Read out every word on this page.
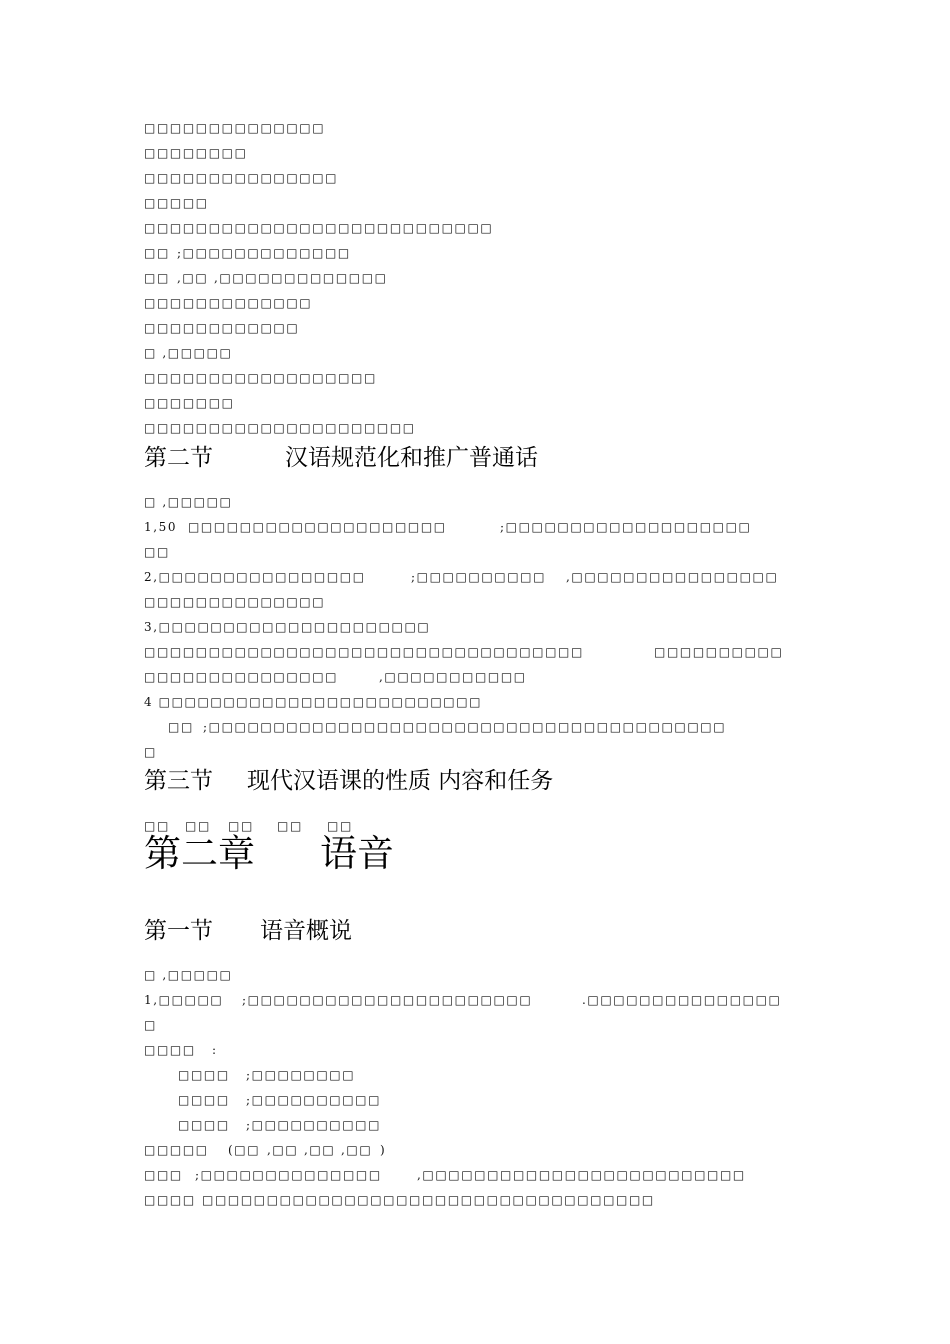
□□□□□□□□□□□□□□
□□□□□□□□
□□□□□□□□□□□□□□□
□□□□□
□□□□□□□□□□□□□□□□□□□□□□□□□□□

□□

;□□□□□□□□□□□□□

□□

,□□

,□□□□□□□□□□□□□

□□□□□□□□□□□□□
□□□□□□□□□□□□
□ ,□□□□□
□□□□□□□□□□□□□□□□□□
□□□□□□□
□□□□□□□□□□□□□□□□□□□□□

第二节

	汉语规范化和推广普通话

□ ,□□□□□

1,50  □□□□□□□□□□□□□□□□□□□□

	;□□□□□□□□□□□□□□□□□□□

□□

2,□□□□□□□□□□□□□□□□

	;□□□□□□□□□□

,□□□□□□□□□□□□□□□□

□□□□□□□□□□□□□□
3,□□□□□□□□□□□□□□□□□□□□□

□□□□□□□□□□□□□□□□□□□□□□□□□□□□□□□□□□

	□□□□□□□□□□

□□□□□□□□□□□□□□□

	,□□□□□□□□□□□

4 □□□□□□□□□□□□□□□□□□□□□□□□□

□□

;□□□□□□□□□□□□□□□□□□□□□□□□□□□□□□□□□□□□□□□□

□

第三节

现代汉语课的性质 内容和任务

□□

□□

□□

□□

□□

第二章

语音

第一节

语音概说

□ ,□□□□□

1,□□□□□

;□□□□□□□□□□□□□□□□□□□□□□

	.□□□□□□□□□□□□□□□

□

□□□□

:

□□□□

;□□□□□□□□

□□□□

;□□□□□□□□□□

□□□□

;□□□□□□□□□□

□□□□□

(□□

,□□

,□□

,□□

)

□□□

;□□□□□□□□□□□□□□

	,□□□□□□□□□□□□□□□□□□□□□□□□□

□□□□

□□□□□□□□□□□□□□□□□□□□□□□□□□□□□□□□□□□
